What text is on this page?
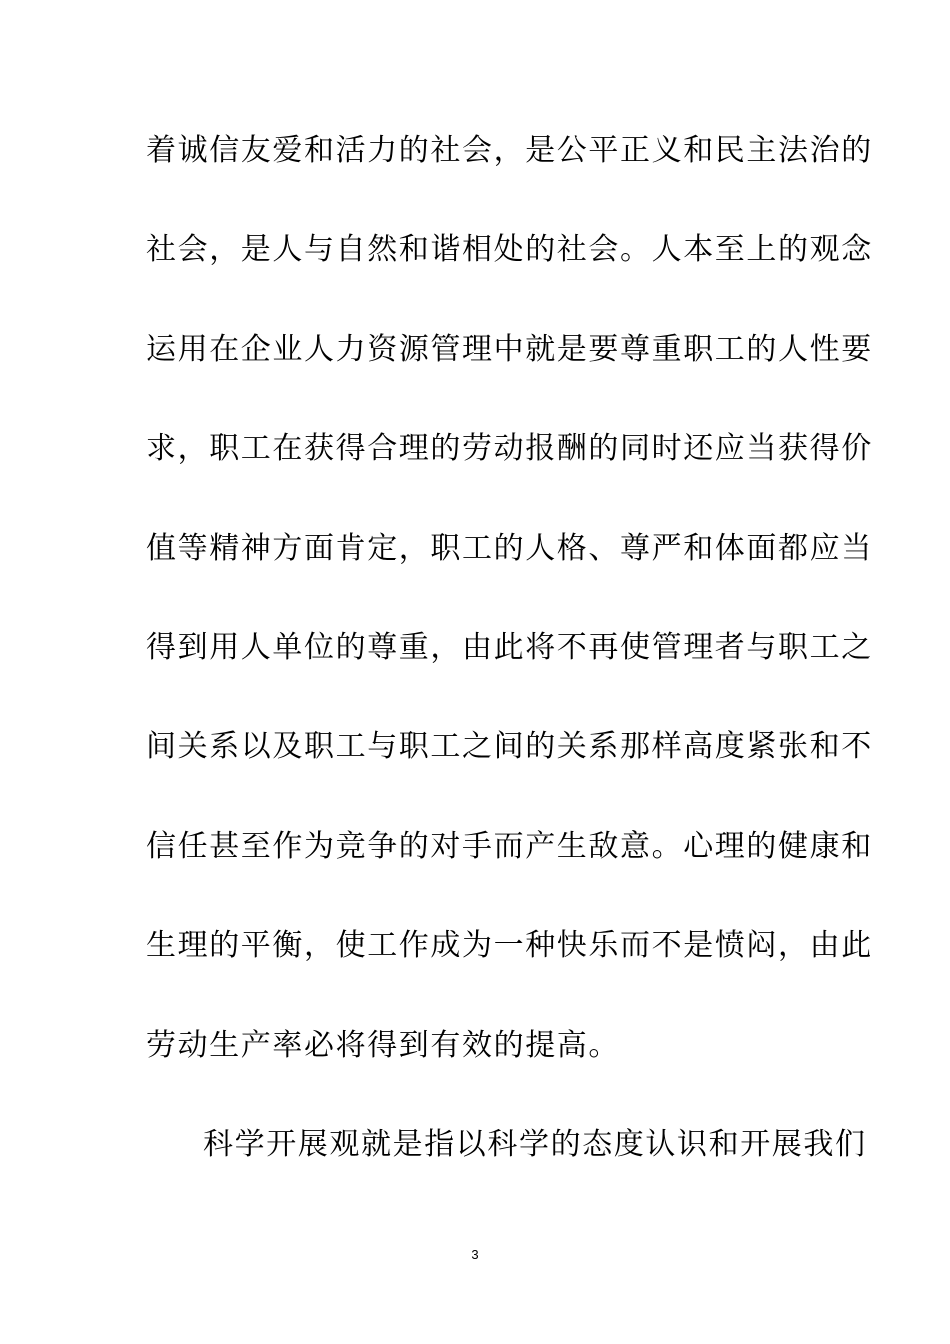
着诚信友爱和活力的社会，是公平正义和民主法治的
社会，是人与自然和谐相处的社会。人本至上的观念
运用在企业人力资源管理中就是要尊重职工的人性要
求，职工在获得合理的劳动报酬的同时还应当获得价
值等精神方面肯定，职工的人格、尊严和体面都应当
得到用人单位的尊重，由此将不再使管理者与职工之
间关系以及职工与职工之间的关系那样高度紧张和不
信任甚至作为竞争的对手而产生敌意。心理的健康和
生理的平衡，使工作成为一种快乐而不是愤闷，由此
劳动生产率必将得到有效的提高。
科学开展观就是指以科学的态度认识和开展我们
3
